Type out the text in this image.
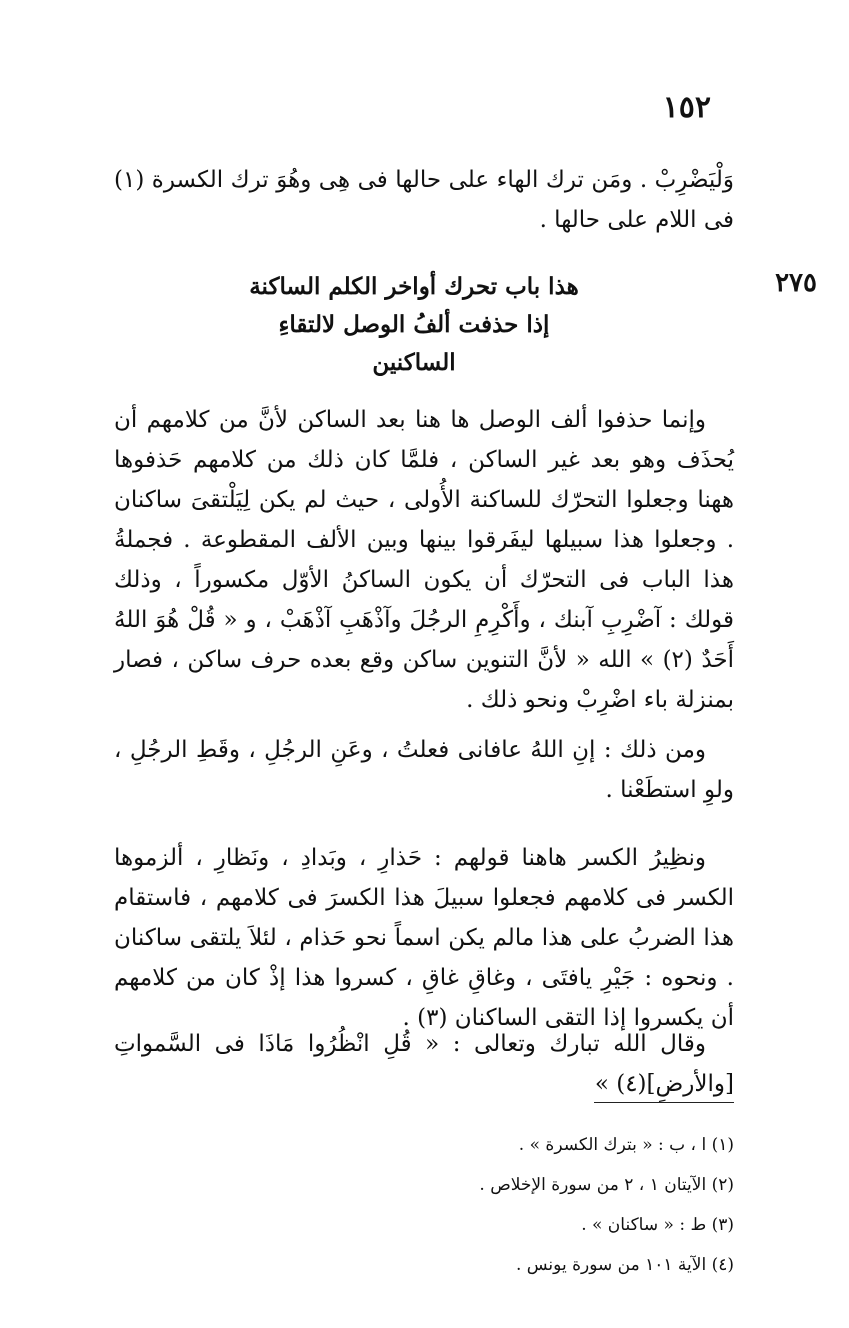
١٥٢

وَلْيَضْرِبْ . ومَن ترك الهاء على حالها فى هِى وهُوَ ترك الكسرة (١) فى اللام على حالها .

٢٧٥
هذا باب تحرك أواخر الكلم الساكنة
إذا حذفت ألفُ الوصل لالتقاءِ الساكنين

وإنما حذفوا ألف الوصل ها هنا بعد الساكن لأنَّ من كلامهم أن يُحذَف وهو بعد غير الساكن ، فلمَّا كان ذلك من كلامهم حَذفوها ههنا وجعلوا التحرّك للساكنة الأُولى ، حيث لم يكن لِيَلْتقىَ ساكنان . وجعلوا هذا سبيلها ليفَرقوا بينها وبين الألف المقطوعة . فجملةُ هذا الباب فى التحرّك أن يكون الساكنُ الأوّل مكسوراً ، وذلك قولك : آضْرِبِ آبنك ، وأَكْرِمِ الرجُلَ وآذْهَبِ آذْهَبْ ، و « قُلْ هُوَ اللهُ أَحَدٌ (٢) » الله « لأنَّ التنوين ساكن وقع بعده حرف ساكن ، فصار بمنزلة باء اضْرِبْ ونحو ذلك .

ومن ذلك : إنِ اللهُ عافانى فعلتُ ، وعَنِ الرجُلِ ، وقَطِ الرجُلِ ، ولوِ استطَعْنا .

ونظِيرُ الكسر هاهنا قولهم : حَذارِ ، وبَدادِ ، ونَظارِ ، ألزموها الكسر فى كلامهم فجعلوا سبيلَ هذا الكسرَ فى كلامهم ، فاستقام هذا الضربُ على هذا مالم يكن اسماً نحو حَذام ، لئلاَ يلتقى ساكنان . ونحوه : جَيْرِ يافتَى ، وغاقِ غاقِ ، كسروا هذا إذْ كان من كلامهم أن يكسروا إذا التقى الساكنان (٣) .

وقال الله تبارك وتعالى : « قُلِ انْظُرُوا مَاذَا فى السَّمواتِ [والأرضِ](٤) »

(١) ا ، ب : « بترك الكسرة » .

(٢) الآيتان ١ ، ٢ من سورة الإخلاص .

(٣) ط : « ساكنان » .

(٤) الآية ١٠١ من سورة يونس .
